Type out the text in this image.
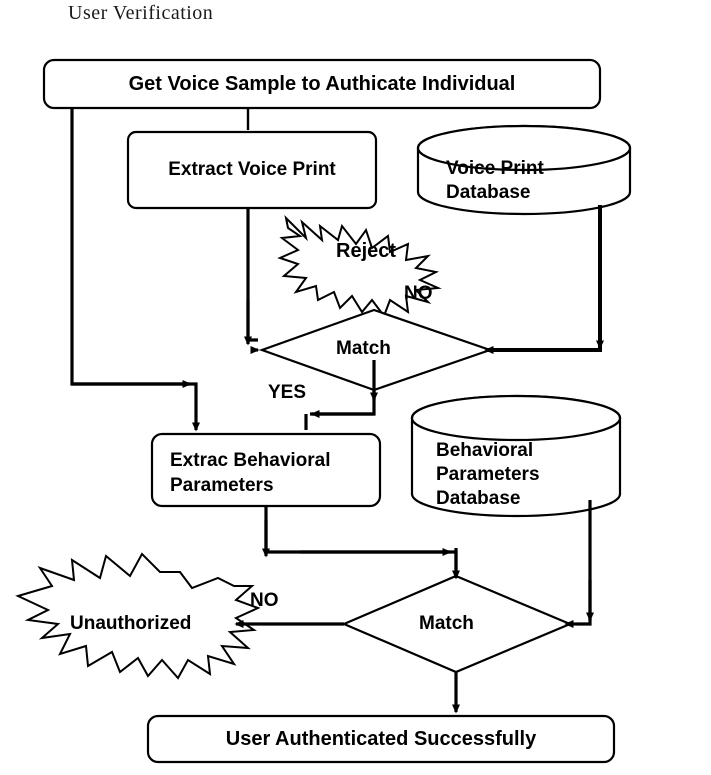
User Verification
Get Voice Sample to Authicate Individual
Extract Voice Print	Voice Print
Database
Reject
NO
Match
YES
Extrac Behavioral
Parameters
Behavioral
Parameters
Database
Match
NO
Unauthorized
User Authenticated Successfully
